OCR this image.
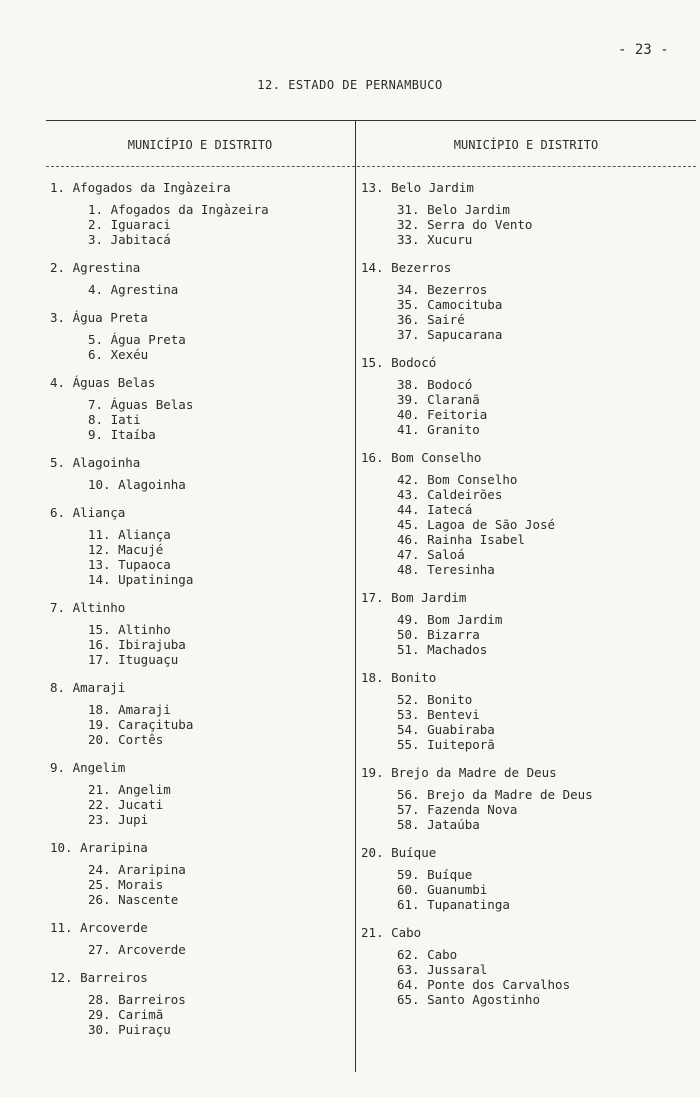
- 23 -
12. ESTADO DE PERNAMBUCO
MUNICÍPIO E DISTRITO	MUNICÍPIO E DISTRITO
1. Afogados da Ingàzeira
1. Afogados da Ingàzeira
2. Iguaraci
3. Jabitacá
2. Agrestina
4. Agrestina
3. Água Preta
5. Água Preta
6. Xexéu
4. Águas Belas
7. Águas Belas
8. Iati
9. Itaíba
5. Alagoinha
10. Alagoinha
6. Aliança
11. Aliança
12. Macujé
13. Tupaoca
14. Upatininga
7. Altinho
15. Altinho
16. Ibirajuba
17. Ituguaçu
8. Amaraji
18. Amaraji
19. Caraçituba
20. Cortês
9. Angelim
21. Angelim
22. Jucati
23. Jupi
10. Araripina
24. Araripina
25. Morais
26. Nascente
11. Arcoverde
27. Arcoverde
12. Barreiros
28. Barreiros
29. Carimã
30. Puiraçu
13. Belo Jardim
31. Belo Jardim
32. Serra do Vento
33. Xucuru
14. Bezerros
34. Bezerros
35. Camocituba
36. Sairé
37. Sapucarana
15. Bodocó
38. Bodocó
39. Claranã
40. Feitoria
41. Granito
16. Bom Conselho
42. Bom Conselho
43. Caldeirões
44. Iatecá
45. Lagoa de São José
46. Rainha Isabel
47. Saloá
48. Teresinha
17. Bom Jardim
49. Bom Jardim
50. Bizarra
51. Machados
18. Bonito
52. Bonito
53. Bentevi
54. Guabiraba
55. Iuiteporã
19. Brejo da Madre de Deus
56. Brejo da Madre de Deus
57. Fazenda Nova
58. Jataúba
20. Buíque
59. Buíque
60. Guanumbi
61. Tupanatinga
21. Cabo
62. Cabo
63. Jussaral
64. Ponte dos Carvalhos
65. Santo Agostinho
